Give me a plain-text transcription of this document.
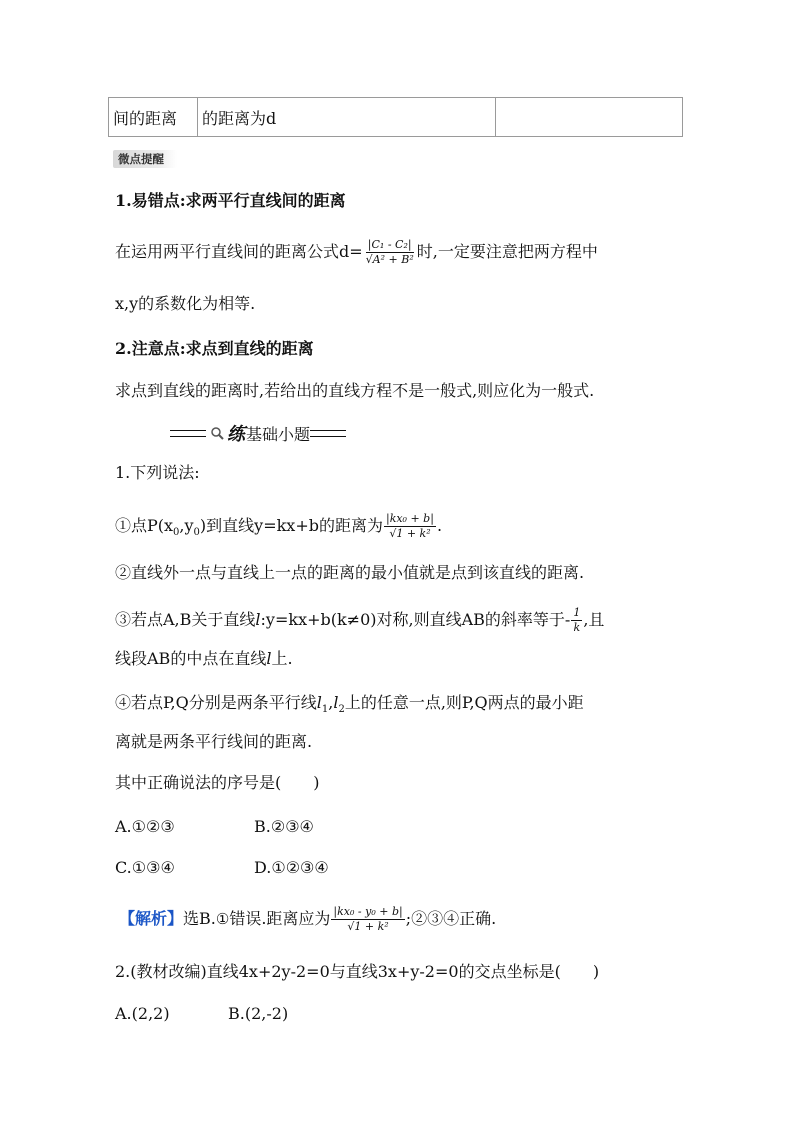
间的距离	的距离为d
微点提醒
1.易错点:求两平行直线间的距离
在运用两平行直线间的距离公式$d= \frac{\text{|C₁ - C₂|}}{\text{√A² + B²}}$ 时,一定要注意把两方程中
x,y的系数化为相等.
2.注意点:求点到直线的距离
求点到直线的距离时,若给出的直线方程不是一般式,则应化为一般式.
练 基础小题
1.下列说法:
①点$P(x_0,y_0)$到直线y=kx+b的距离为 $\frac{\text{|kx₀ + b|}}{\text{√1 + k²}}$ .
②直线外一点与直线上一点的距离的最小值就是点到该直线的距离.
③若点A,B关于直线l:y=kx+b(k≠0)对称,则直线AB的斜率等于- $\frac{1}{k}$ ,且
线段AB的中点在直线l上.
④若点P,Q分别是两条平行线$l_1,l_2$上的任意一点,则P,Q两点的最小距
离就是两条平行线间的距离.
其中正确说法的序号是(　　)
A.①②③	B.②③④
C.①③④	D.①②③④
【解析】选B.①错误.距离应为 $\frac{\text{|kx₀ - y₀ + b|}}{\text{√1 + k²}}$ ;②③④正确.
2.(教材改编)直线4x+2y-2=0与直线3x+y-2=0的交点坐标是(　　)
A.(2,2)	B.(2,-2)
